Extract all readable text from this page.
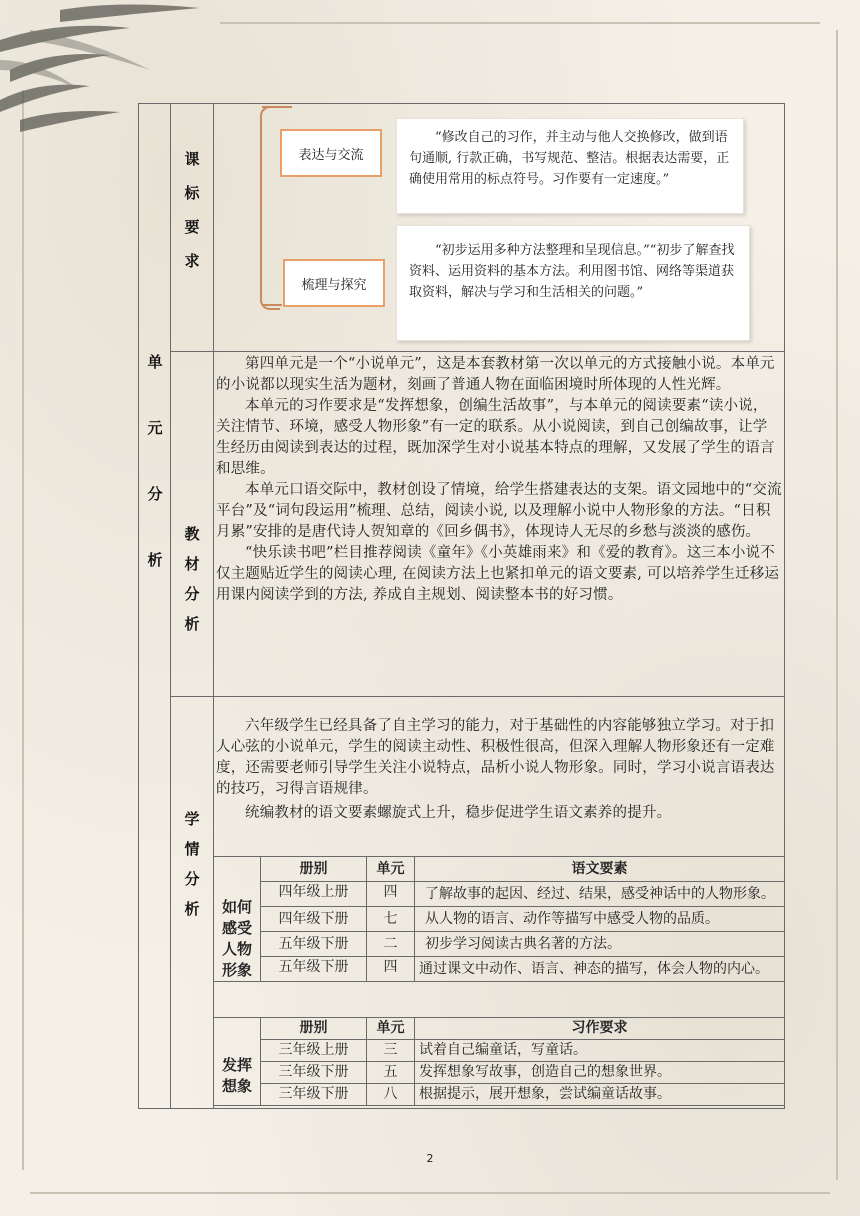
单
元
分
析
课
标
要
求
表达与交流

“修改自己的习作，并主动与他人交换修改，做到语句通顺, 行款正确，书写规范、整洁。根据表达需要，正确使用常用的标点符号。习作要有一定速度。”

梳理与探究

“初步运用多种方法整理和呈现信息。”“初步了解查找资料、运用资料的基本方法。利用图书馆、网络等渠道获取资料，解决与学习和生活相关的问题。”

教
材
分
析

第四单元是一个“小说单元”，这是本套教材第一次以单元的方式接触小说。本单元的小说都以现实生活为题材，刻画了普通人物在面临困境时所体现的人性光辉。

本单元的习作要求是“发挥想象，创编生活故事”，与本单元的阅读要素“读小说，关注情节、环境，感受人物形象”有一定的联系。从小说阅读，到自己创编故事，让学生经历由阅读到表达的过程，既加深学生对小说基本特点的理解，又发展了学生的语言和思维。

本单元口语交际中，教材创设了情境，给学生搭建表达的支架。语文园地中的“交流平台”及“词句段运用”梳理、总结，阅读小说, 以及理解小说中人物形象的方法。“日积月累”安排的是唐代诗人贺知章的《回乡偶书》，体现诗人无尽的乡愁与淡淡的感伤。

“快乐读书吧”栏目推荐阅读《童年》《小英雄雨来》和《爱的教育》。这三本小说不仅主题贴近学生的阅读心理, 在阅读方法上也紧扣单元的语文要素, 可以培养学生迁移运用课内阅读学到的方法, 养成自主规划、阅读整本书的好习惯。

学
情
分
析

六年级学生已经具备了自主学习的能力，对于基础性的内容能够独立学习。对于扣人心弦的小说单元，学生的阅读主动性、积极性很高，但深入理解人物形象还有一定难度，还需要老师引导学生关注小说特点，品析小说人物形象。同时，学习小说言语表达的技巧，习得言语规律。

统编教材的语文要素螺旋式上升，稳步促进学生语文素养的提升。

如何
感受
人物
形象	册别	单元	语文要素
	四年级上册	四	了解故事的起因、经过、结果，感受神话中的人物形象。
	四年级下册	七	从人物的语言、动作等描写中感受人物的品质。
	五年级下册	二	初步学习阅读古典名著的方法。
	五年级下册	四	通过课文中动作、语言、神态的描写，体会人物的内心。
发挥
想象	册别	单元	习作要求
	三年级上册	三	试着自己编童话，写童话。
	三年级下册	五	发挥想象写故事，创造自己的想象世界。
	三年级下册	八	根据提示，展开想象，尝试编童话故事。
2
